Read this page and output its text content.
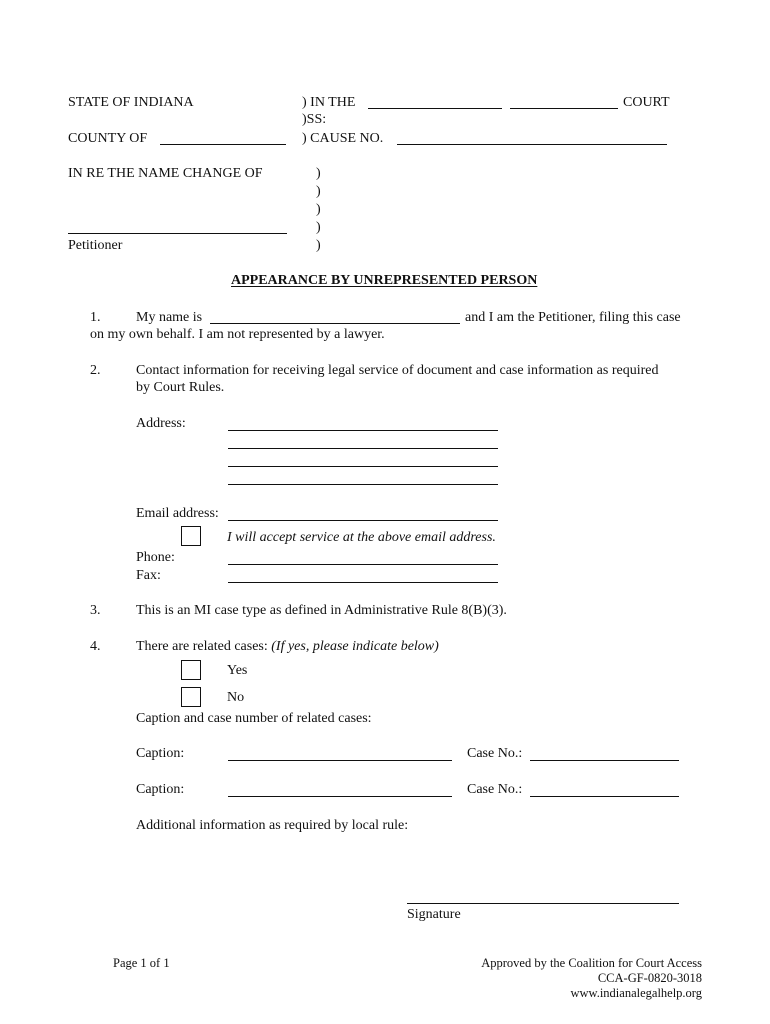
STATE OF INDIANA	) IN THE	COURT
)SS:
COUNTY OF	) CAUSE NO.
IN RE THE NAME CHANGE OF	)
)
)
)
)
Petitioner
APPEARANCE BY UNREPRESENTED PERSON
1.	My name is	and I am the Petitioner, filing this case
on my own behalf. I am not represented by a lawyer.
2.	Contact information for receiving legal service of document and case information as required
by Court Rules.
Address:
Email address:
I will accept service at the above email address.
Phone:
Fax:
3.	This is an MI case type as defined in Administrative Rule 8(B)(3).
4.	There are related cases: (If yes, please indicate below)
Yes
No
Caption and case number of related cases:
Caption:	Case No.:
Caption:	Case No.:
Additional information as required by local rule:
Signature
Page 1 of 1	Approved by the Coalition for Court Access
CCA-GF-0820-3018
www.indianalegalhelp.org
